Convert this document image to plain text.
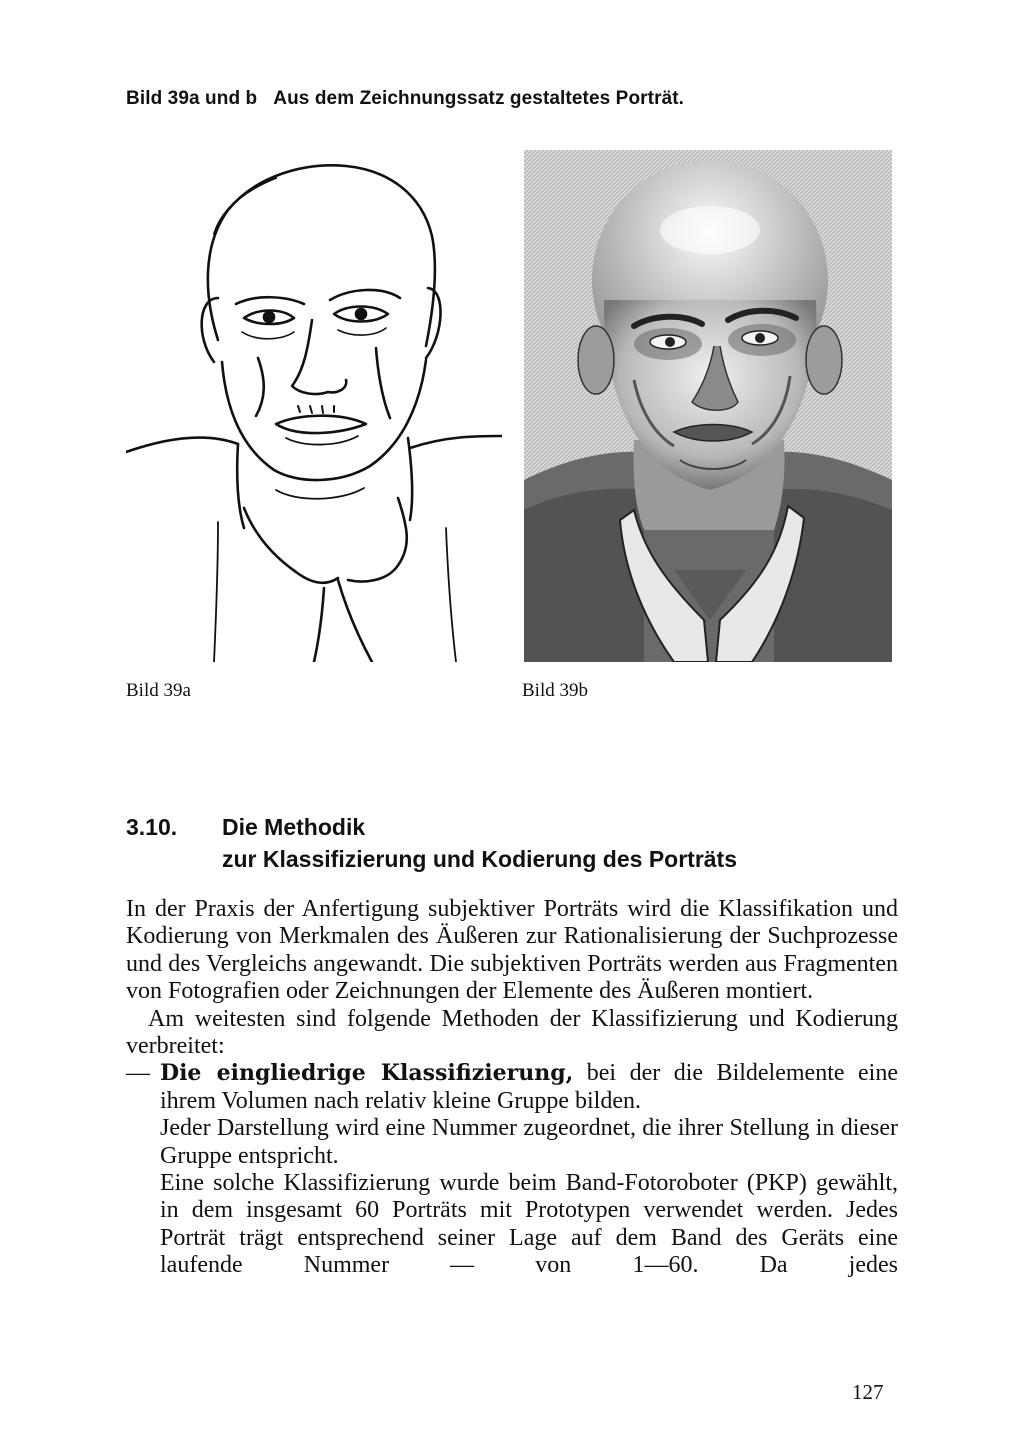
Bild 39a und b Aus dem Zeichnungssatz gestaltetes Porträt.
Bild 39a	Bild 39b
3.10. Die Methodik
zur Klassifizierung und Kodierung des Porträts

In der Praxis der Anfertigung subjektiver Porträts wird die Klassifikation und Kodierung von Merkmalen des Äußeren zur Rationalisierung der Suchprozesse und des Vergleichs angewandt. Die subjektiven Porträts werden aus Fragmenten von Fotografien oder Zeichnungen der Elemente des Äußeren montiert.

Am weitesten sind folgende Methoden der Klassifizierung und Kodierung verbreitet:

— Die eingliedrige Klassifizierung, bei der die Bildelemente eine ihrem Volumen nach relativ kleine Gruppe bilden.

Jeder Darstellung wird eine Nummer zugeordnet, die ihrer Stellung in dieser Gruppe entspricht.

Eine solche Klassifizierung wurde beim Band-Fotoroboter (PKP) gewählt, in dem insgesamt 60 Porträts mit Prototypen verwendet werden. Jedes Porträt trägt entsprechend seiner Lage auf dem Band des Geräts eine laufende Nummer — von 1—60. Da jedes

127
